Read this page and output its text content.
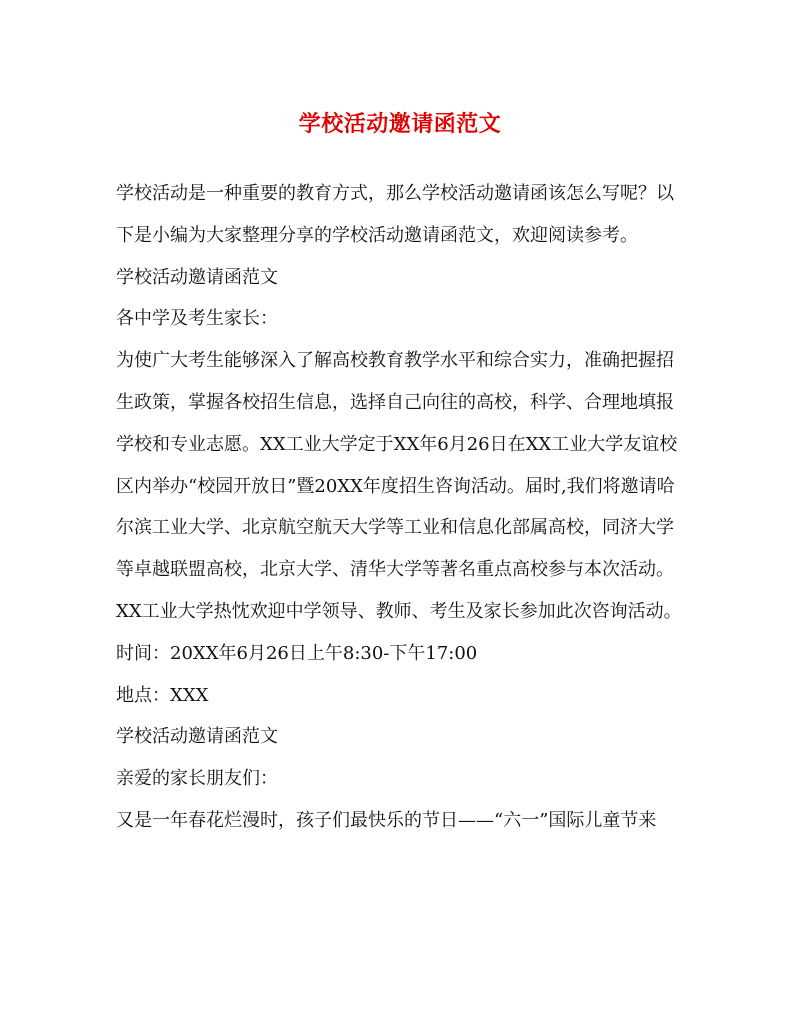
学校活动邀请函范文

学校活动是一种重要的教育方式，那么学校活动邀请函该怎么写呢？以下是小编为大家整理分享的学校活动邀请函范文，欢迎阅读参考。

学校活动邀请函范文

各中学及考生家长：

为使广大考生能够深入了解高校教育教学水平和综合实力，准确把握招生政策，掌握各校招生信息，选择自己向往的高校，科学、合理地填报学校和专业志愿。XX工业大学定于XX年6月26日在XX工业大学友谊校区内举办“校园开放日”暨20XX年度招生咨询活动。届时,我们将邀请哈尔滨工业大学、北京航空航天大学等工业和信息化部属高校，同济大学等卓越联盟高校，北京大学、清华大学等著名重点高校参与本次活动。

XX工业大学热忱欢迎中学领导、教师、考生及家长参加此次咨询活动。

时间：20XX年6月26日上午8:30-下午17:00

地点：XXX

学校活动邀请函范文

亲爱的家长朋友们：

又是一年春花烂漫时，孩子们最快乐的节日——“六一”国际儿童节来
